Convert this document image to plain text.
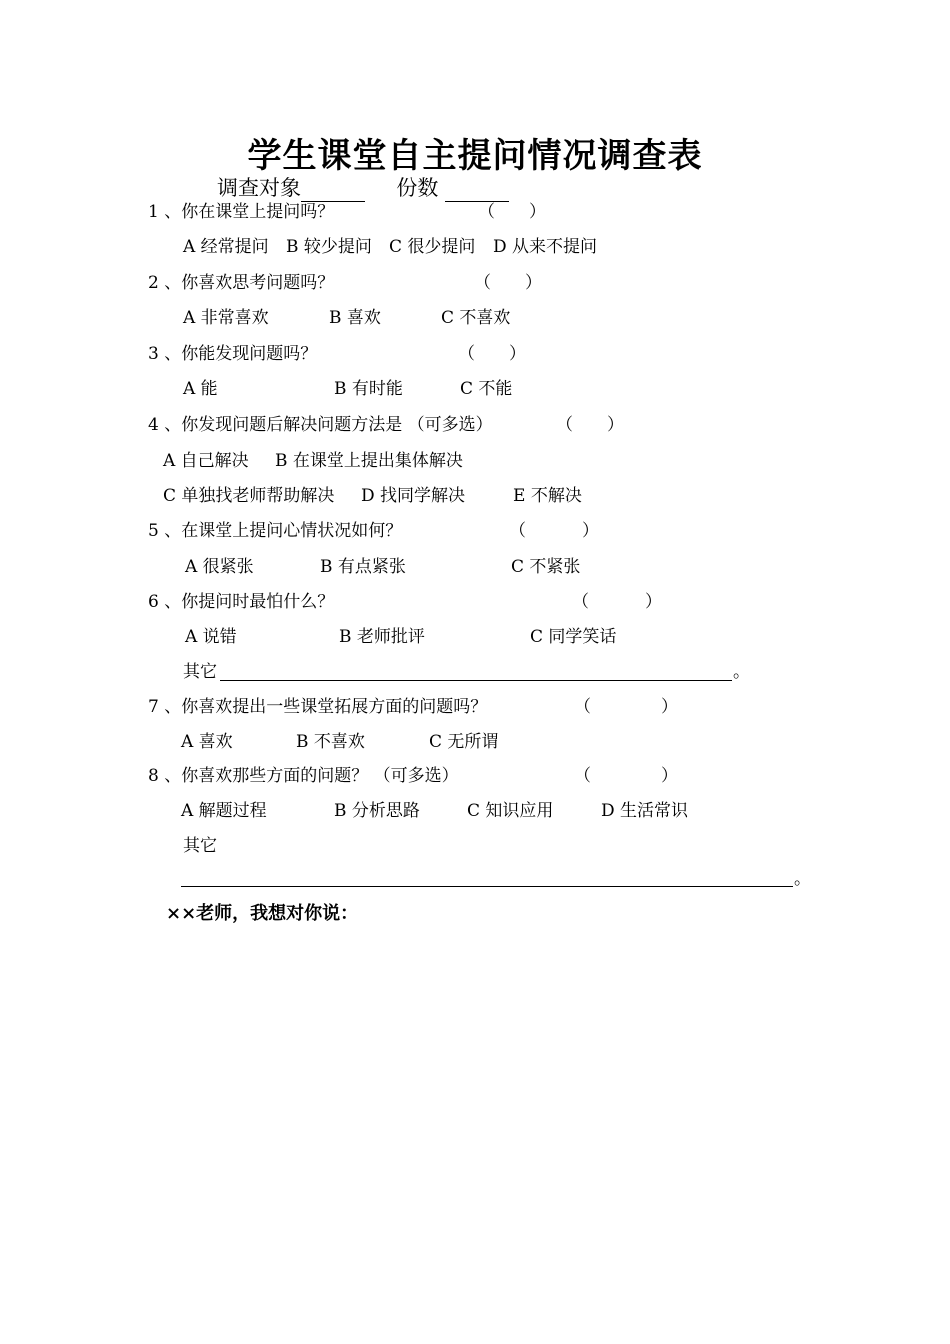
学生课堂自主提问情况调查表
调查对象	份数
1 、你在课堂上提问吗？	（　　）
A 经常提问 B 较少提问 C 很少提问 D 从来不提问
2 、你喜欢思考问题吗？	（　　）
A 非常喜欢	B 喜欢	C 不喜欢
3 、你能发现问题吗？	（　　）
A 能	B 有时能	C 不能
4 、你发现问题后解决问题方法是 （可多选）	（　　）
A 自己解决 B 在课堂上提出集体解决
C 单独找老师帮助解决 D 找同学解决	E 不解决
5 、在课堂上提问心情状况如何？	（	）
A 很紧张	B 有点紧张	C 不紧张
6 、你提问时最怕什么？	（	）
A 说错	B 老师批评	C 同学笑话
其它	。
7 、你喜欢提出一些课堂拓展方面的问题吗？	（	）
A 喜欢	B 不喜欢	C 无所谓
8 、你喜欢那些方面的问题？ （可多选）	（	）
A 解题过程	B 分析思路	C 知识应用	D 生活常识
其它
。
××老师，我想对你说：
